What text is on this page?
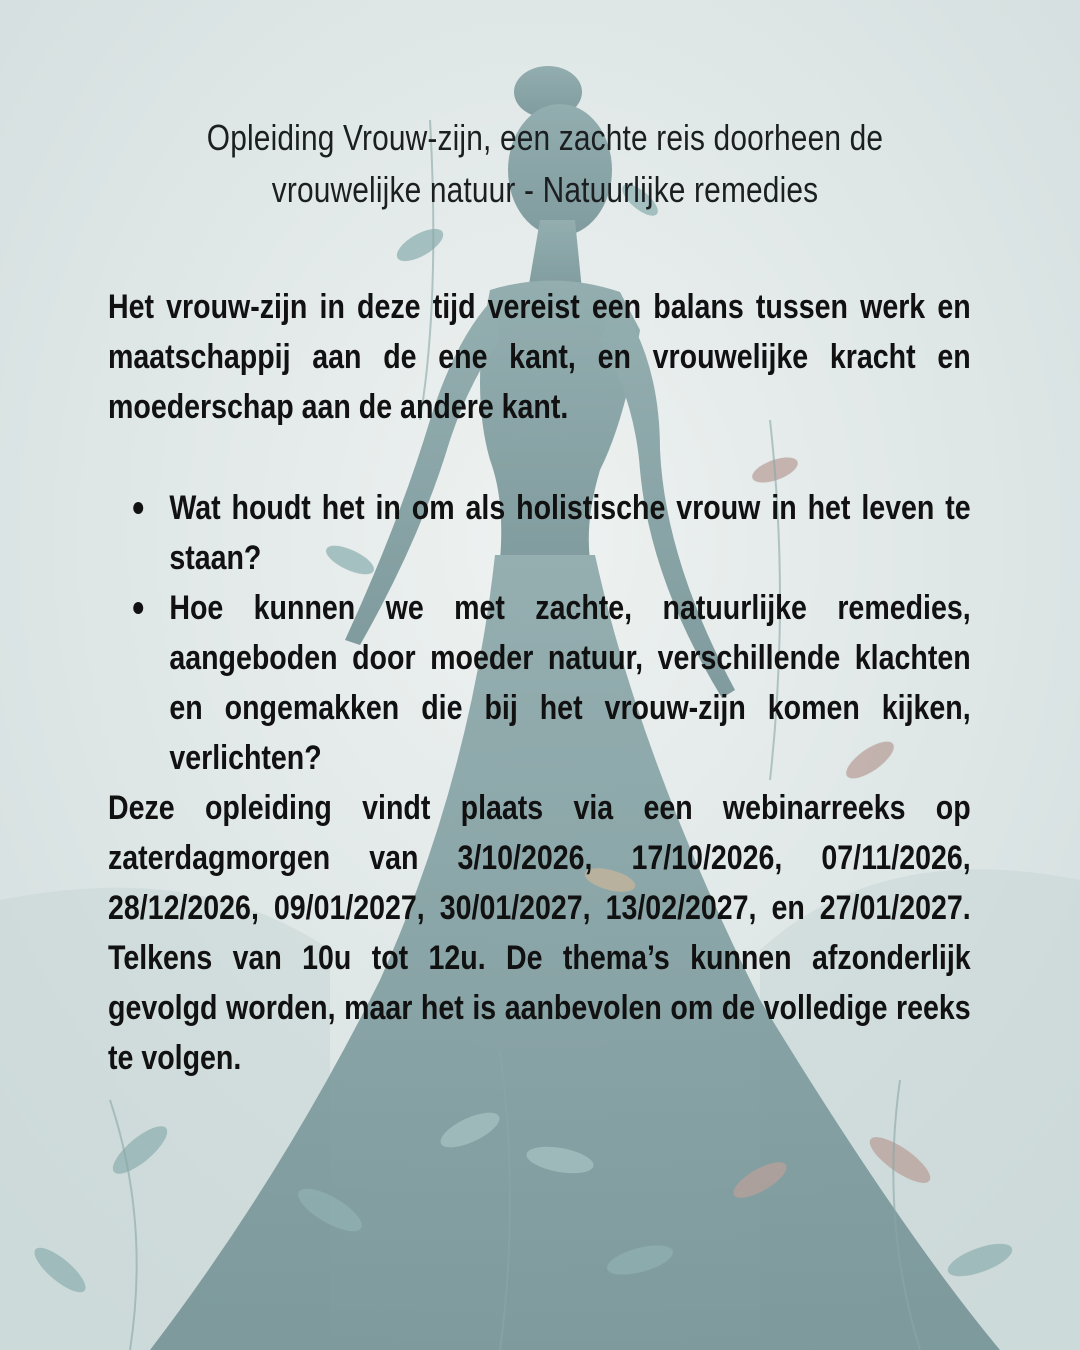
Opleiding Vrouw-zijn, een zachte reis doorheen de vrouwelijke natuur - Natuurlijke remedies
Het vrouw-zijn in deze tijd vereist een balans tussen werk en maatschappij aan de ene kant, en vrouwelijke kracht en moederschap aan de andere kant.
Wat houdt het in om als holistische vrouw in het leven te staan?
Hoe kunnen we met zachte, natuurlijke remedies, aangeboden door moeder natuur, verschillende klachten en ongemakken die bij het vrouw-zijn komen kijken, verlichten?
Deze opleiding vindt plaats via een webinarreeks op zaterdagmorgen van 3/10/2026, 17/10/2026, 07/11/2026, 28/12/2026, 09/01/2027, 30/01/2027, 13/02/2027, en 27/01/2027. Telkens van 10u tot 12u. De thema’s kunnen afzonderlijk gevolgd worden, maar het is aanbevolen om de volledige reeks te volgen.
